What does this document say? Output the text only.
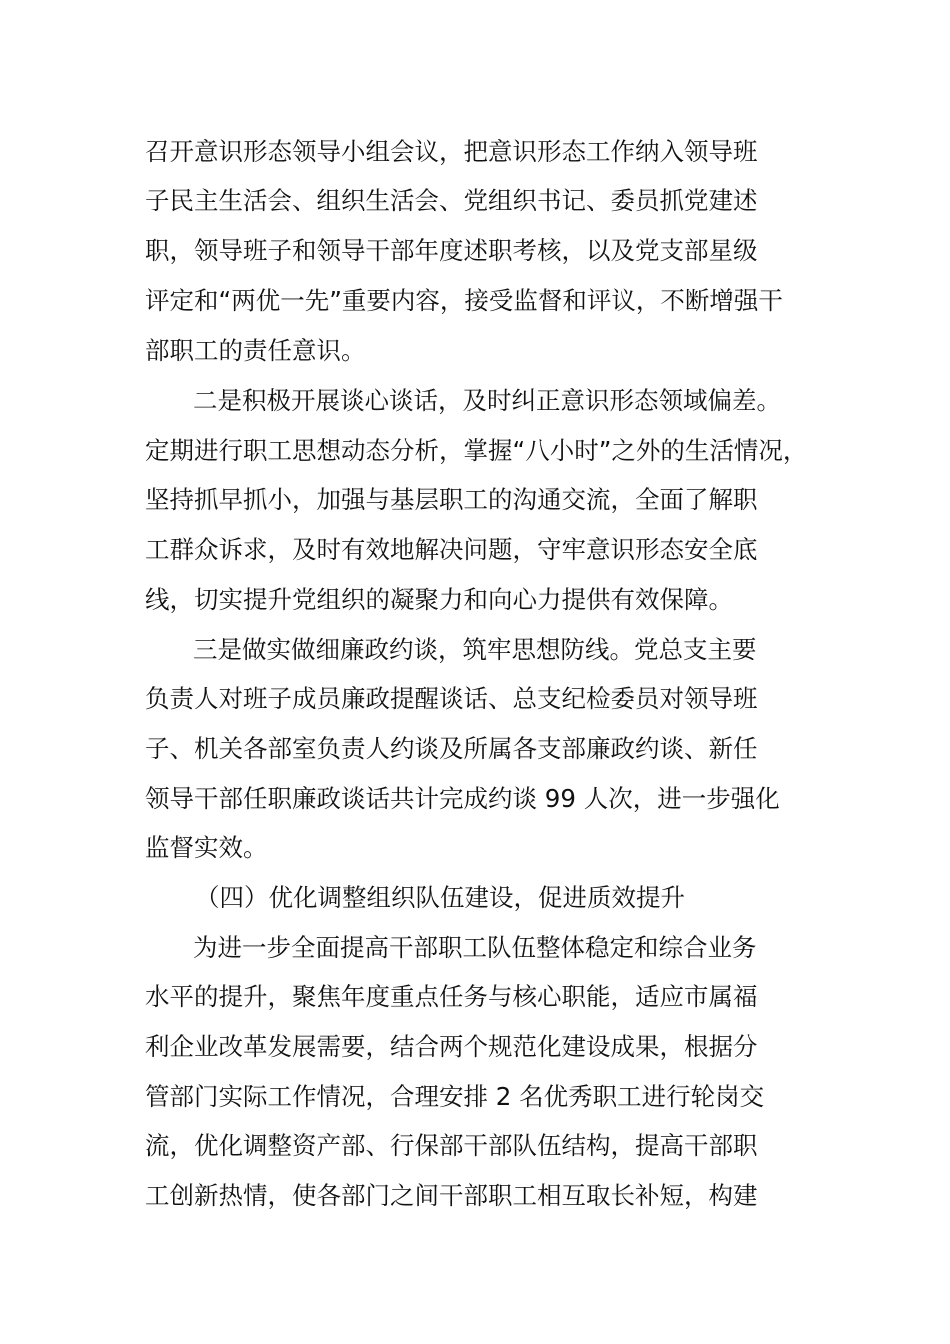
召开意识形态领导小组会议，把意识形态工作纳入领导班
子民主生活会、组织生活会、党组织书记、委员抓党建述
职，领导班子和领导干部年度述职考核，以及党支部星级
评定和“两优一先”重要内容，接受监督和评议，不断增强干
部职工的责任意识。
二是积极开展谈心谈话，及时纠正意识形态领域偏差。
定期进行职工思想动态分析，掌握“八小时”之外的生活情况，
坚持抓早抓小，加强与基层职工的沟通交流，全面了解职
工群众诉求，及时有效地解决问题，守牢意识形态安全底
线，切实提升党组织的凝聚力和向心力提供有效保障。
三是做实做细廉政约谈，筑牢思想防线。党总支主要
负责人对班子成员廉政提醒谈话、总支纪检委员对领导班
子、机关各部室负责人约谈及所属各支部廉政约谈、新任
领导干部任职廉政谈话共计完成约谈 99 人次，进一步强化
监督实效。
（四）优化调整组织队伍建设，促进质效提升
为进一步全面提高干部职工队伍整体稳定和综合业务
水平的提升，聚焦年度重点任务与核心职能，适应市属福
利企业改革发展需要，结合两个规范化建设成果，根据分
管部门实际工作情况，合理安排 2 名优秀职工进行轮岗交
流，优化调整资产部、行保部干部队伍结构，提高干部职
工创新热情，使各部门之间干部职工相互取长补短，构建
